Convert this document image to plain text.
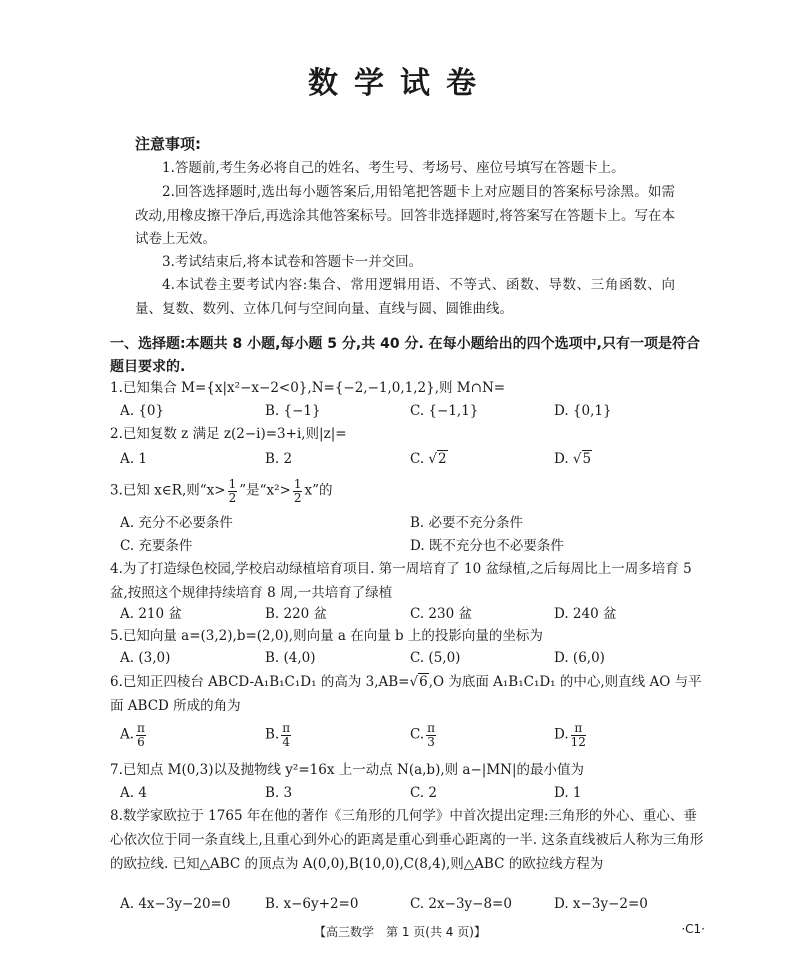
数学试卷
注意事项:
1.答题前,考生务必将自己的姓名、考生号、考场号、座位号填写在答题卡上。
2.回答选择题时,选出每小题答案后,用铅笔把答题卡上对应题目的答案标号涂黑。如需改动,用橡皮擦干净后,再选涂其他答案标号。回答非选择题时,将答案写在答题卡上。写在本试卷上无效。
3.考试结束后,将本试卷和答题卡一并交回。
4.本试卷主要考试内容:集合、常用逻辑用语、不等式、函数、导数、三角函数、向量、复数、数列、立体几何与空间向量、直线与圆、圆锥曲线。
一、选择题:本题共 8 小题,每小题 5 分,共 40 分. 在每小题给出的四个选项中,只有一项是符合题目要求的.
1.已知集合 M={x|x²−x−2<0},N={−2,−1,0,1,2},则 M∩N=
A. {0}	B. {−1}	C. {−1,1}	D. {0,1}
2.已知复数 z 满足 z(2−i)=3+i,则|z|=
A. 1	B. 2	C. √2	D. √5
3.已知 x∈R,则“$x> \frac{1}{2}$ ”是“$x^2> \frac{1}{2} x$”的
A. 充分不必要条件	B. 必要不充分条件
C. 充要条件	D. 既不充分也不必要条件
4.为了打造绿色校园,学校启动绿植培育项目. 第一周培育了 10 盆绿植,之后每周比上一周多培育 5 盆,按照这个规律持续培育 8 周,一共培育了绿植
A. 210 盆	B. 220 盆	C. 230 盆	D. 240 盆
5.已知向量 a=(3,2),b=(2,0),则向量 a 在向量 b 上的投影向量的坐标为
A. (3,0)	B. (4,0)	C. (5,0)	D. (6,0)
6.已知正四棱台 ABCD-A₁B₁C₁D₁ 的高为 3,AB=√6,O 为底面 A₁B₁C₁D₁ 的中心,则直线 AO 与平面 ABCD 所成的角为
A. $\frac{\pi}{6}$	B. $\frac{\pi}{4}$	C. $\frac{\pi}{3}$	D. $\frac{\pi}{12}$
7.已知点 M(0,3)以及抛物线 y²=16x 上一动点 N(a,b),则 a−|MN|的最小值为
A. 4	B. 3	C. 2	D. 1
8.数学家欧拉于 1765 年在他的著作《三角形的几何学》中首次提出定理:三角形的外心、重心、垂心依次位于同一条直线上,且重心到外心的距离是重心到垂心距离的一半. 这条直线被后人称为三角形的欧拉线. 已知△ABC 的顶点为 A(0,0),B(10,0),C(8,4),则△ABC 的欧拉线方程为
A. 4x−3y−20=0	B. x−6y+2=0	C. 2x−3y−8=0	D. x−3y−2=0
【高三数学　第 1 页(共 4 页)】	·C1·
